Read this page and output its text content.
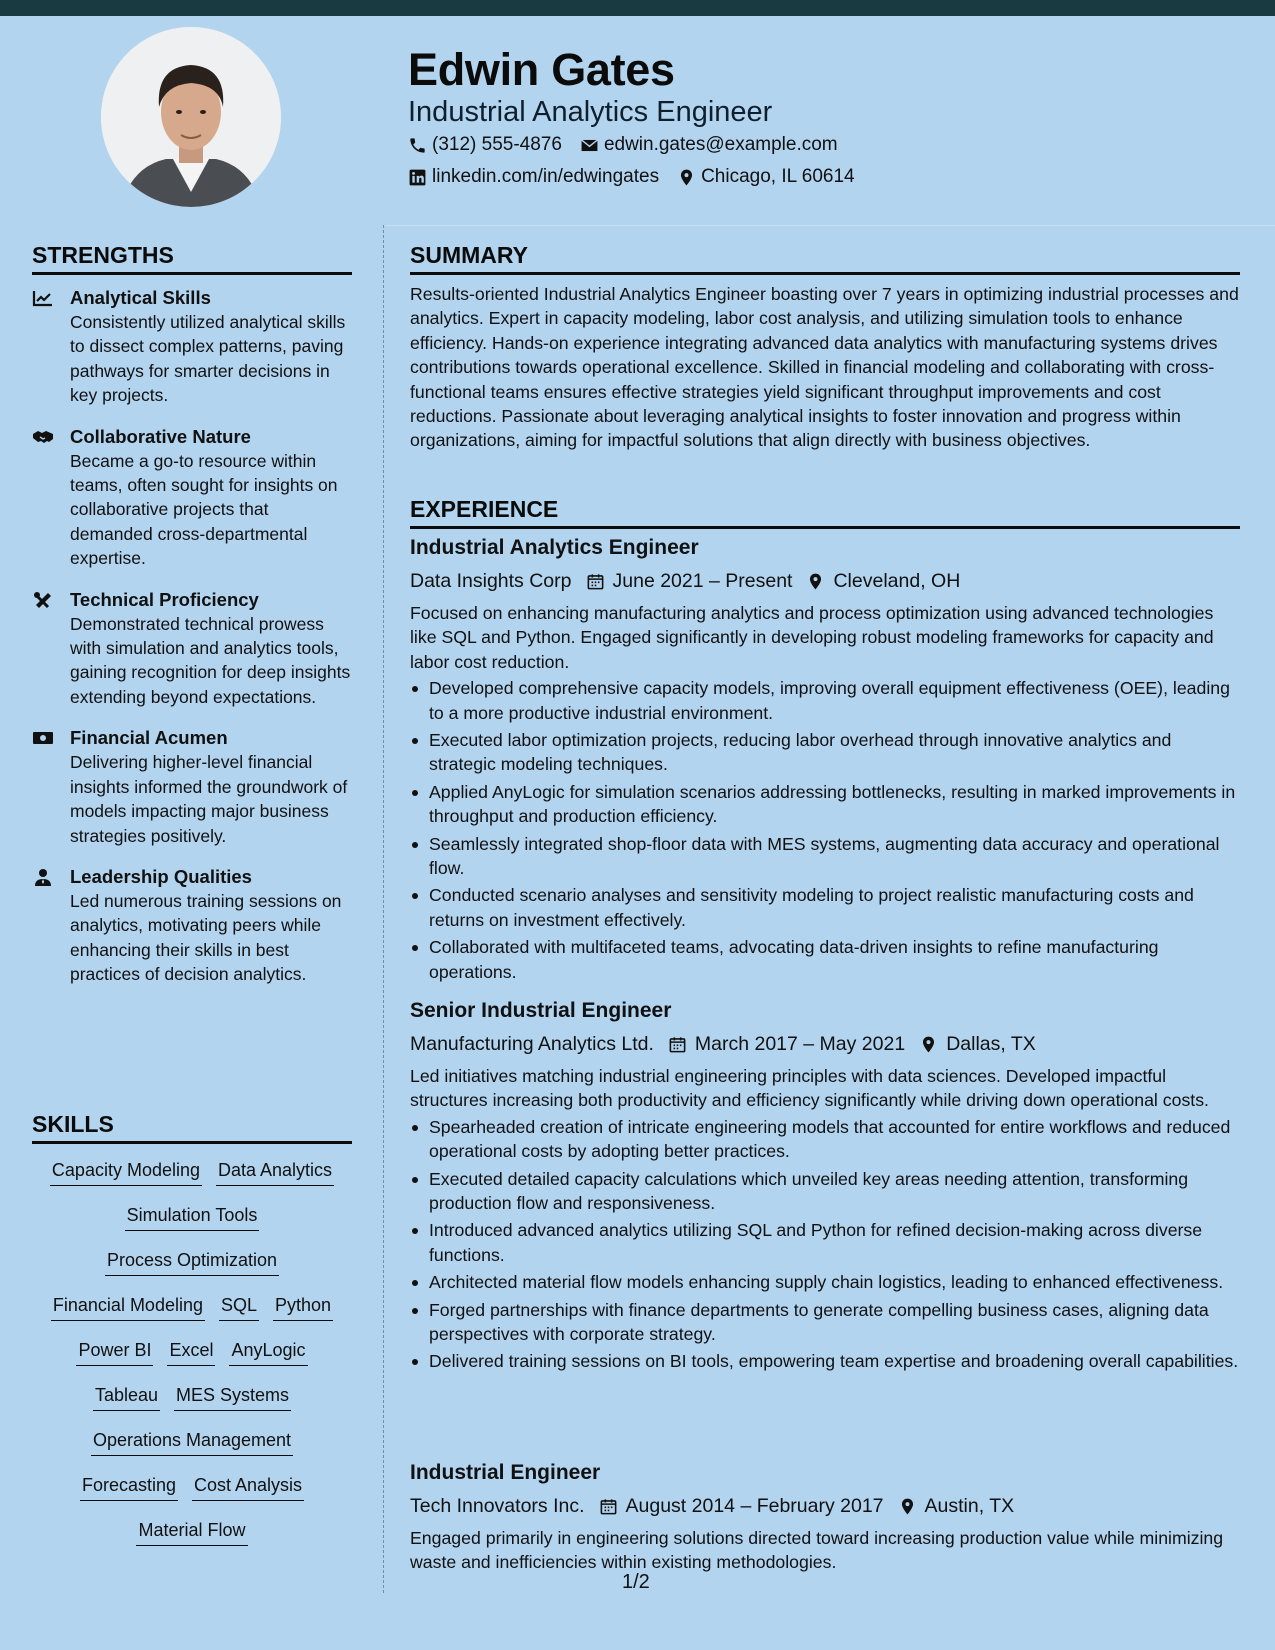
Edwin Gates
Industrial Analytics Engineer
(312) 555-4876 edwin.gates@example.com
linkedin.com/in/edwingates Chicago, IL 60614
STRENGTHS
Analytical Skills
Consistently utilized analytical skills to dissect complex patterns, paving pathways for smarter decisions in key projects.
Collaborative Nature
Became a go-to resource within teams, often sought for insights on collaborative projects that demanded cross-departmental expertise.
Technical Proficiency
Demonstrated technical prowess with simulation and analytics tools, gaining recognition for deep insights extending beyond expectations.
Financial Acumen
Delivering higher-level financial insights informed the groundwork of models impacting major business strategies positively.
Leadership Qualities
Led numerous training sessions on analytics, motivating peers while enhancing their skills in best practices of decision analytics.
SKILLS
Capacity Modeling Data Analytics
Simulation Tools
Process Optimization
Financial Modeling SQL Python
Power BI Excel AnyLogic
Tableau MES Systems
Operations Management
Forecasting Cost Analysis
Material Flow
SUMMARY
Results-oriented Industrial Analytics Engineer boasting over 7 years in optimizing industrial processes and analytics. Expert in capacity modeling, labor cost analysis, and utilizing simulation tools to enhance efficiency. Hands-on experience integrating advanced data analytics with manufacturing systems drives contributions towards operational excellence. Skilled in financial modeling and collaborating with cross-functional teams ensures effective strategies yield significant throughput improvements and cost reductions. Passionate about leveraging analytical insights to foster innovation and progress within organizations, aiming for impactful solutions that align directly with business objectives.
EXPERIENCE
Industrial Analytics Engineer
Data Insights Corp June 2021 – Present Cleveland, OH
Focused on enhancing manufacturing analytics and process optimization using advanced technologies like SQL and Python. Engaged significantly in developing robust modeling frameworks for capacity and labor cost reduction.
Developed comprehensive capacity models, improving overall equipment effectiveness (OEE), leading to a more productive industrial environment.
Executed labor optimization projects, reducing labor overhead through innovative analytics and strategic modeling techniques.
Applied AnyLogic for simulation scenarios addressing bottlenecks, resulting in marked improvements in throughput and production efficiency.
Seamlessly integrated shop-floor data with MES systems, augmenting data accuracy and operational flow.
Conducted scenario analyses and sensitivity modeling to project realistic manufacturing costs and returns on investment effectively.
Collaborated with multifaceted teams, advocating data-driven insights to refine manufacturing operations.
Senior Industrial Engineer
Manufacturing Analytics Ltd. March 2017 – May 2021 Dallas, TX
Led initiatives matching industrial engineering principles with data sciences. Developed impactful structures increasing both productivity and efficiency significantly while driving down operational costs.
Spearheaded creation of intricate engineering models that accounted for entire workflows and reduced operational costs by adopting better practices.
Executed detailed capacity calculations which unveiled key areas needing attention, transforming production flow and responsiveness.
Introduced advanced analytics utilizing SQL and Python for refined decision-making across diverse functions.
Architected material flow models enhancing supply chain logistics, leading to enhanced effectiveness.
Forged partnerships with finance departments to generate compelling business cases, aligning data perspectives with corporate strategy.
Delivered training sessions on BI tools, empowering team expertise and broadening overall capabilities.
Industrial Engineer
Tech Innovators Inc. August 2014 – February 2017 Austin, TX
Engaged primarily in engineering solutions directed toward increasing production value while minimizing waste and inefficiencies within existing methodologies.
1/2
